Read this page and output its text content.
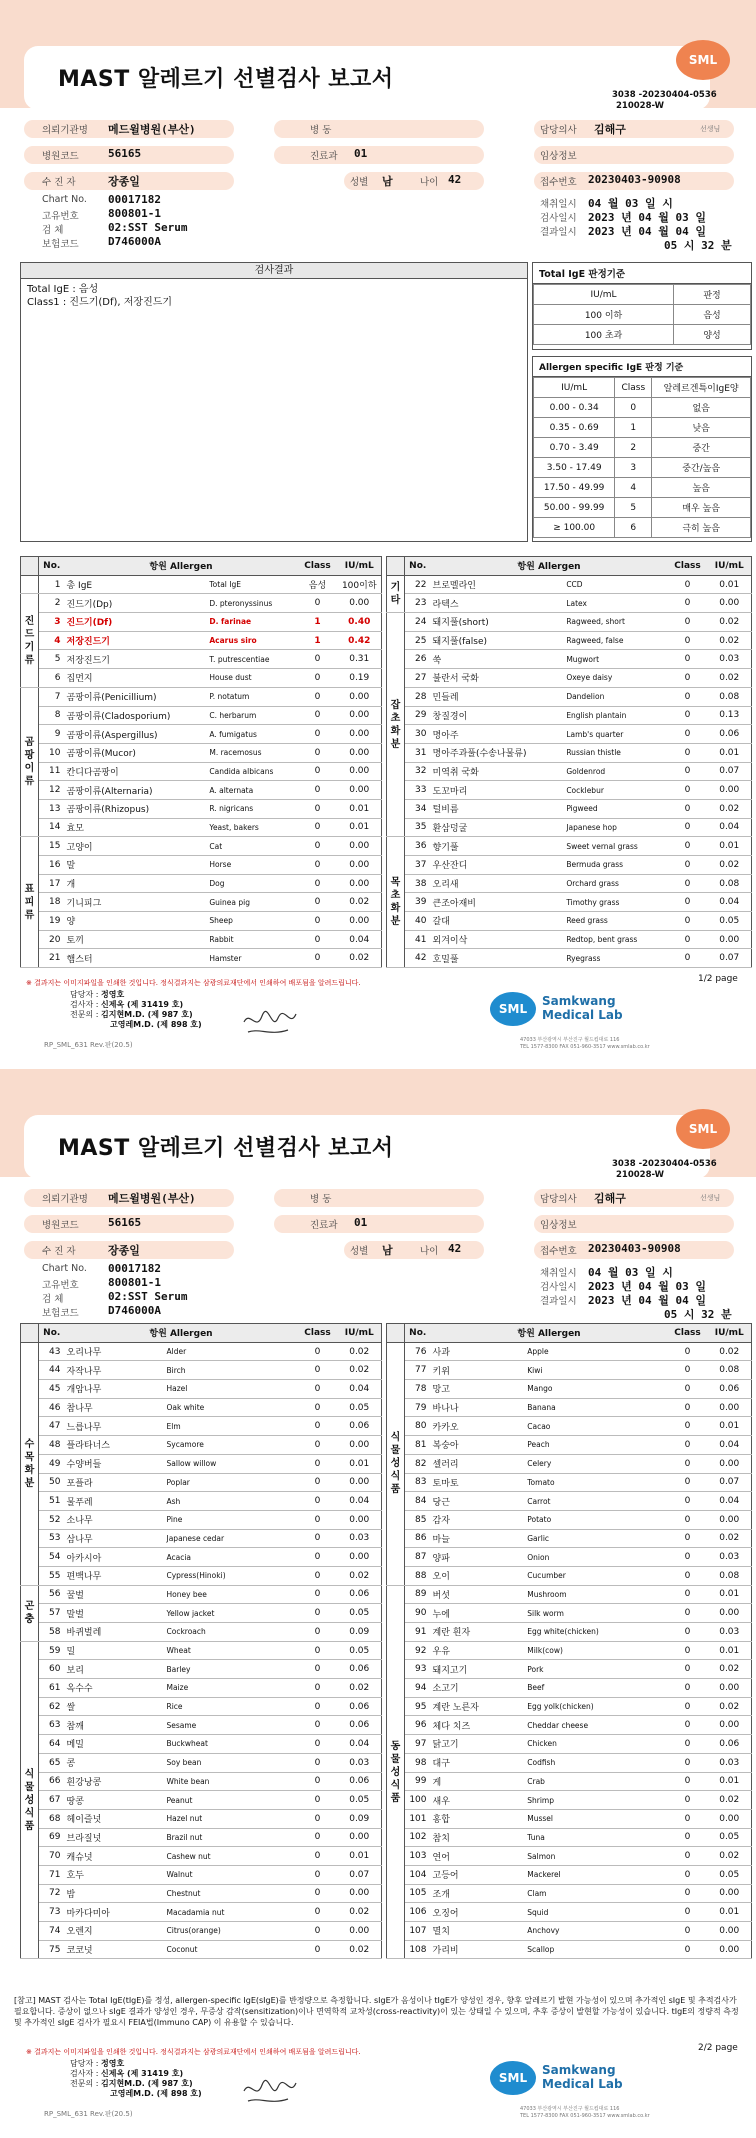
MAST 알레르기 선별검사 보고서
SML
3038 -20230404-0536
210028-W
의뢰기관명 메드윌병원(부산)	병 동	담당의사 김해구	선생님
병원코드	56165	진료과 01	임상정보
수 진 자	장종일	성별 남	나이 42	접수번호 20230403-90908
Chart No. 00017182
고유번호	800801-1
검 체	02:SST Serum
보험코드	D746000A
채취일시 04 월 03 일 시
검사일시 2023 년 04 월 03 일
결과일시 2023 년 04 월 04 일
05 시 32 분
검사결과
Total IgE : 음성
Class1 : 진드기(Df), 저장진드기
Total IgE 판정기준
IU/mL	판정
100 이하	음성
100 초과	양성
Allergen specific IgE 판정 기준
IU/mL	Class	알레르겐특이IgE양
0.00 - 0.34	0	없음
0.35 - 0.69	1	낮음
0.70 - 3.49	2	중간
3.50 - 17.49	3	중간/높음
17.50 - 49.99	4	높음
50.00 - 99.99	5	매우 높음
≥ 100.00	6	극히 높음
	No.	항원 Allergen		Class	IU/mL
	1	총 IgE	Total IgE	음성	100이하
진 드 기 류	2	진드기(Dp)	D. pteronyssinus	0	0.00
	3	진드기(Df)	D. farinae	1	0.40
	4	저장진드기	Acarus siro	1	0.42
	5	저장진드기	T. putrescentiae	0	0.31
	6	집먼지	House dust	0	0.19
곰 팡 이 류	7	곰팡이류(Penicillium)	P. notatum	0	0.00
	8	곰팡이류(Cladosporium)	C. herbarum	0	0.00
	9	곰팡이류(Aspergillus)	A. fumigatus	0	0.00
	10	곰팡이류(Mucor)	M. racemosus	0	0.00
	11	칸디다곰팡이	Candida albicans	0	0.00
	12	곰팡이류(Alternaria)	A. alternata	0	0.00
	13	곰팡이류(Rhizopus)	R. nigricans	0	0.01
	14	효모	Yeast, bakers	0	0.01
표 피 류	15	고양이	Cat	0	0.00
	16	말	Horse	0	0.00
	17	개	Dog	0	0.00
	18	기니피그	Guinea pig	0	0.02
	19	양	Sheep	0	0.00
	20	토끼	Rabbit	0	0.04
	21	햄스터	Hamster	0	0.02
	No.	항원 Allergen		Class	IU/mL
기 타	22	브로멜라인	CCD	0	0.01
	23	라텍스	Latex	0	0.00
잡 초 화 분	24	돼지풀(short)	Ragweed, short	0	0.02
	25	돼지풀(false)	Ragweed, false	0	0.02
	26	쑥	Mugwort	0	0.03
	27	불란서 국화	Oxeye daisy	0	0.02
	28	민들레	Dandelion	0	0.08
	29	창질경이	English plantain	0	0.13
	30	명아주	Lamb's quarter	0	0.06
	31	명아주과풀(수송나물류)	Russian thistle	0	0.01
	32	미역취 국화	Goldenrod	0	0.07
	33	도꼬마리	Cocklebur	0	0.00
	34	털비름	Pigweed	0	0.02
	35	환삼덩굴	Japanese hop	0	0.04
목 초 화 분	36	향기풀	Sweet vernal grass	0	0.01
	37	우산잔디	Bermuda grass	0	0.02
	38	오리새	Orchard grass	0	0.08
	39	큰조아재비	Timothy grass	0	0.04
	40	갈대	Reed grass	0	0.05
	41	외겨이삭	Redtop, bent grass	0	0.00
	42	호밀풀	Ryegrass	0	0.07
※ 결과지는 이미지파일을 인쇄한 것입니다. 정식결과지는 삼광의료재단에서 인쇄하여 배포됨을 알려드립니다.	1/2 page
담당자 : 정영호
검사자 : 신제옥 (제 31419 호)
전문의 : 김지현M.D. (제 987 호)
고영레M.D. (제 898 호)
RP_SML_631 Rev.판(20.5)
SML
Samkwang
Medical Lab
47033 부산광역시 부산진구 월드컵대로 116
TEL 1577-8300 FAX 051-960-3517 www.smlab.co.kr
MAST 알레르기 선별검사 보고서
SML
3038 -20230404-0536
210028-W
의뢰기관명 메드윌병원(부산)	병 동	담당의사 김해구	선생님
병원코드	56165	진료과 01	임상정보
수 진 자	장종일	성별 남	나이 42	접수번호 20230403-90908
Chart No. 00017182
고유번호	800801-1
검 체	02:SST Serum
보험코드	D746000A
채취일시 04 월 03 일 시
검사일시 2023 년 04 월 03 일
결과일시 2023 년 04 월 04 일
05 시 32 분
	No.	항원 Allergen		Class	IU/mL
수 목 화 분	43	오리나무	Alder	0	0.02
	44	자작나무	Birch	0	0.02
	45	개암나무	Hazel	0	0.04
	46	참나무	Oak white	0	0.05
	47	느릅나무	Elm	0	0.06
	48	플라타너스	Sycamore	0	0.00
	49	수양버들	Sallow willow	0	0.01
	50	포플라	Poplar	0	0.00
	51	물푸레	Ash	0	0.04
	52	소나무	Pine	0	0.00
	53	삼나무	Japanese cedar	0	0.03
	54	아카시아	Acacia	0	0.00
	55	편백나무	Cypress(Hinoki)	0	0.02
곤 충	56	꿀벌	Honey bee	0	0.06
	57	말벌	Yellow jacket	0	0.05
	58	바퀴벌레	Cockroach	0	0.09
식 물 성 식 품	59	밀	Wheat	0	0.05
	60	보리	Barley	0	0.06
	61	옥수수	Maize	0	0.02
	62	쌀	Rice	0	0.06
	63	참깨	Sesame	0	0.06
	64	메밀	Buckwheat	0	0.04
	65	콩	Soy bean	0	0.03
	66	흰강낭콩	White bean	0	0.06
	67	땅콩	Peanut	0	0.05
	68	헤이즐넛	Hazel nut	0	0.09
	69	브라질넛	Brazil nut	0	0.00
	70	캐슈넛	Cashew nut	0	0.01
	71	호두	Walnut	0	0.07
	72	밤	Chestnut	0	0.00
	73	마카다미아	Macadamia nut	0	0.02
	74	오렌지	Citrus(orange)	0	0.00
	75	코코넛	Coconut	0	0.02
	No.	항원 Allergen		Class	IU/mL
식 물 성 식 품	76	사과	Apple	0	0.02
	77	키위	Kiwi	0	0.08
	78	망고	Mango	0	0.06
	79	바나나	Banana	0	0.00
	80	카카오	Cacao	0	0.01
	81	복숭아	Peach	0	0.04
	82	셀러리	Celery	0	0.00
	83	토마토	Tomato	0	0.07
	84	당근	Carrot	0	0.04
	85	감자	Potato	0	0.00
	86	마늘	Garlic	0	0.02
	87	양파	Onion	0	0.03
	88	오이	Cucumber	0	0.08
동 물 성 식 품	89	버섯	Mushroom	0	0.01
	90	누에	Silk worm	0	0.00
	91	계란 흰자	Egg white(chicken)	0	0.03
	92	우유	Milk(cow)	0	0.01
	93	돼지고기	Pork	0	0.02
	94	소고기	Beef	0	0.00
	95	계란 노른자	Egg yolk(chicken)	0	0.02
	96	체다 치즈	Cheddar cheese	0	0.00
	97	닭고기	Chicken	0	0.06
	98	대구	Codfish	0	0.03
	99	게	Crab	0	0.01
	100	새우	Shrimp	0	0.02
	101	홍합	Mussel	0	0.00
	102	참치	Tuna	0	0.05
	103	연어	Salmon	0	0.02
	104	고등어	Mackerel	0	0.05
	105	조개	Clam	0	0.00
	106	오징어	Squid	0	0.01
	107	멸치	Anchovy	0	0.00
	108	가리비	Scallop	0	0.00
[참고] MAST 검사는 Total IgE(tIgE)를 정성, allergen-specific IgE(sIgE)를 반정량으로 측정합니다. sIgE가 음성이나 tIgE가 양성인 경우, 향후 알레르기 발현 가능성이 있으며 추가적인 sIgE 및 추적검사가 필요합니다. 증상이 없으나 sIgE 결과가 양성인 경우, 무증상 감작(sensitization)이나 면역학적 교차성(cross-reactivity)이 있는 상태일 수 있으며, 추후 증상이 발현할 가능성이 있습니다. tIgE의 정량적 측정 및 추가적인 sIgE 검사가 필요시 FEIA법(Immuno CAP) 이 유용할 수 있습니다.
※ 결과지는 이미지파일을 인쇄한 것입니다. 정식결과지는 삼광의료재단에서 인쇄하여 배포됨을 알려드립니다.	2/2 page
담당자 : 정영호
검사자 : 신제옥 (제 31419 호)
전문의 : 김지현M.D. (제 987 호)
고영레M.D. (제 898 호)
RP_SML_631 Rev.판(20.5)
SML
Samkwang
Medical Lab
47033 부산광역시 부산진구 월드컵대로 116
TEL 1577-8300 FAX 051-960-3517 www.smlab.co.kr
